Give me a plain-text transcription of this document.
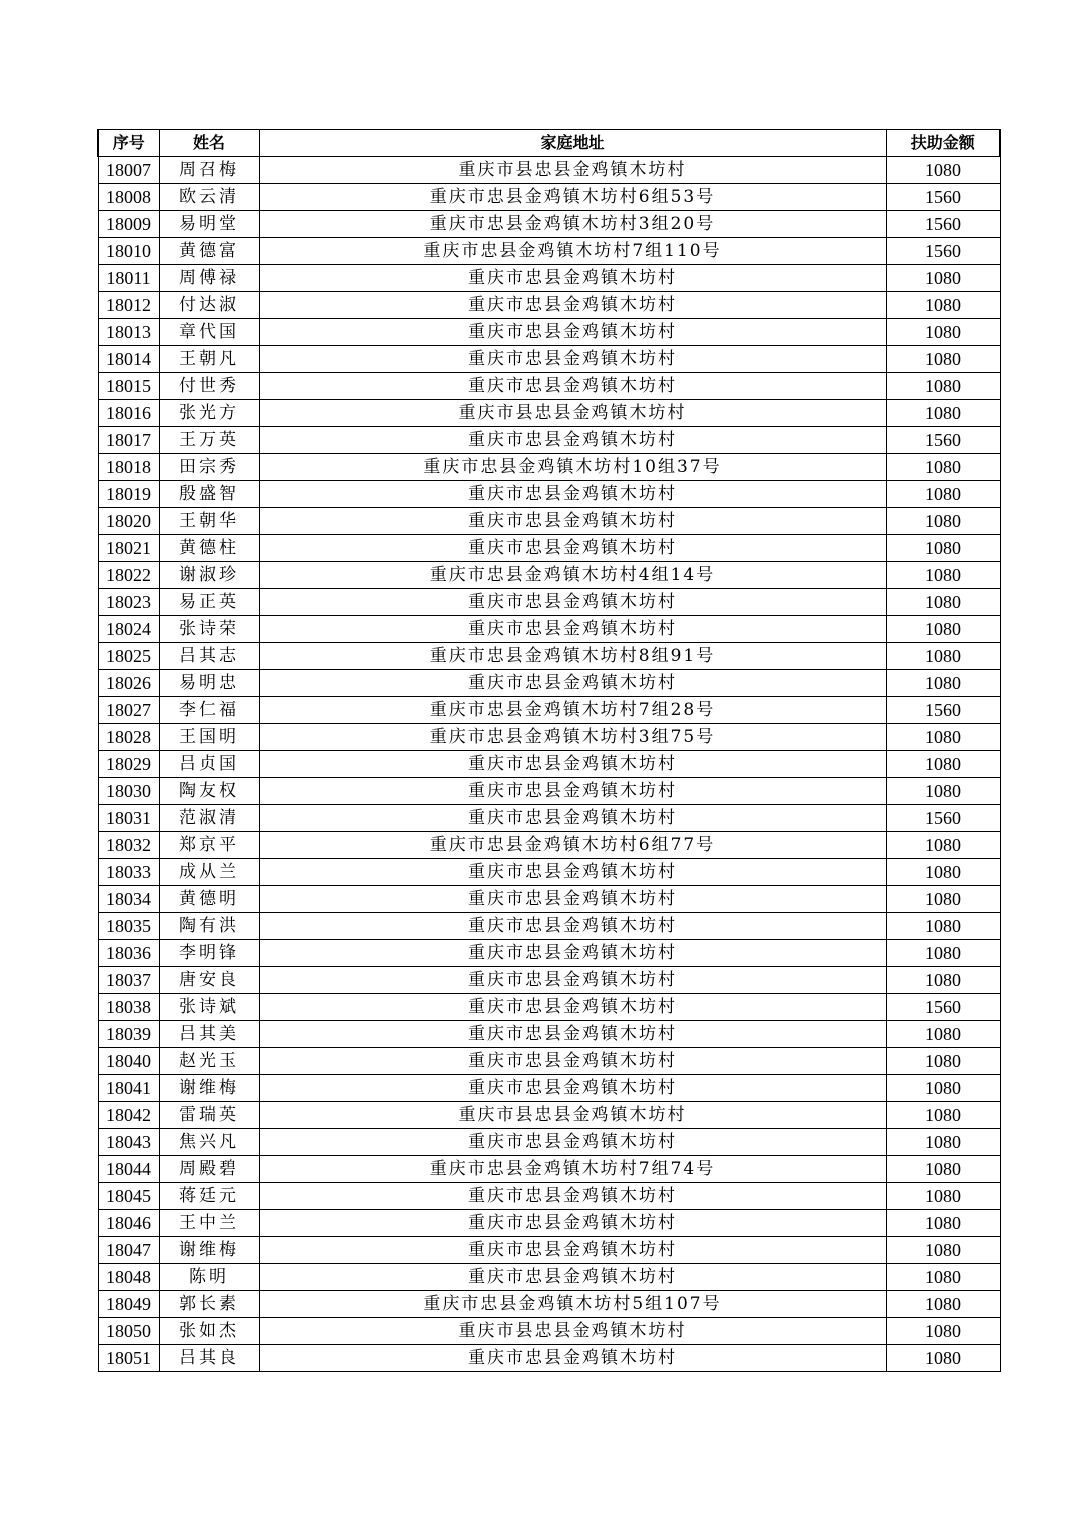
序号	姓名	家庭地址	扶助金额
18007	周召梅	重庆市县忠县金鸡镇木坊村	1080
18008	欧云清	重庆市忠县金鸡镇木坊村6组53号	1560
18009	易明堂	重庆市忠县金鸡镇木坊村3组20号	1560
18010	黄德富	重庆市忠县金鸡镇木坊村7组110号	1560
18011	周傅禄	重庆市忠县金鸡镇木坊村	1080
18012	付达淑	重庆市忠县金鸡镇木坊村	1080
18013	章代国	重庆市忠县金鸡镇木坊村	1080
18014	王朝凡	重庆市忠县金鸡镇木坊村	1080
18015	付世秀	重庆市忠县金鸡镇木坊村	1080
18016	张光方	重庆市县忠县金鸡镇木坊村	1080
18017	王万英	重庆市忠县金鸡镇木坊村	1560
18018	田宗秀	重庆市忠县金鸡镇木坊村10组37号	1080
18019	殷盛智	重庆市忠县金鸡镇木坊村	1080
18020	王朝华	重庆市忠县金鸡镇木坊村	1080
18021	黄德柱	重庆市忠县金鸡镇木坊村	1080
18022	谢淑珍	重庆市忠县金鸡镇木坊村4组14号	1080
18023	易正英	重庆市忠县金鸡镇木坊村	1080
18024	张诗荣	重庆市忠县金鸡镇木坊村	1080
18025	吕其志	重庆市忠县金鸡镇木坊村8组91号	1080
18026	易明忠	重庆市忠县金鸡镇木坊村	1080
18027	李仁福	重庆市忠县金鸡镇木坊村7组28号	1560
18028	王国明	重庆市忠县金鸡镇木坊村3组75号	1080
18029	吕贞国	重庆市忠县金鸡镇木坊村	1080
18030	陶友权	重庆市忠县金鸡镇木坊村	1080
18031	范淑清	重庆市忠县金鸡镇木坊村	1560
18032	郑京平	重庆市忠县金鸡镇木坊村6组77号	1080
18033	成从兰	重庆市忠县金鸡镇木坊村	1080
18034	黄德明	重庆市忠县金鸡镇木坊村	1080
18035	陶有洪	重庆市忠县金鸡镇木坊村	1080
18036	李明锋	重庆市忠县金鸡镇木坊村	1080
18037	唐安良	重庆市忠县金鸡镇木坊村	1080
18038	张诗斌	重庆市忠县金鸡镇木坊村	1560
18039	吕其美	重庆市忠县金鸡镇木坊村	1080
18040	赵光玉	重庆市忠县金鸡镇木坊村	1080
18041	谢维梅	重庆市忠县金鸡镇木坊村	1080
18042	雷瑞英	重庆市县忠县金鸡镇木坊村	1080
18043	焦兴凡	重庆市忠县金鸡镇木坊村	1080
18044	周殿碧	重庆市忠县金鸡镇木坊村7组74号	1080
18045	蒋廷元	重庆市忠县金鸡镇木坊村	1080
18046	王中兰	重庆市忠县金鸡镇木坊村	1080
18047	谢维梅	重庆市忠县金鸡镇木坊村	1080
18048	陈明	重庆市忠县金鸡镇木坊村	1080
18049	郭长素	重庆市忠县金鸡镇木坊村5组107号	1080
18050	张如杰	重庆市县忠县金鸡镇木坊村	1080
18051	吕其良	重庆市忠县金鸡镇木坊村	1080
